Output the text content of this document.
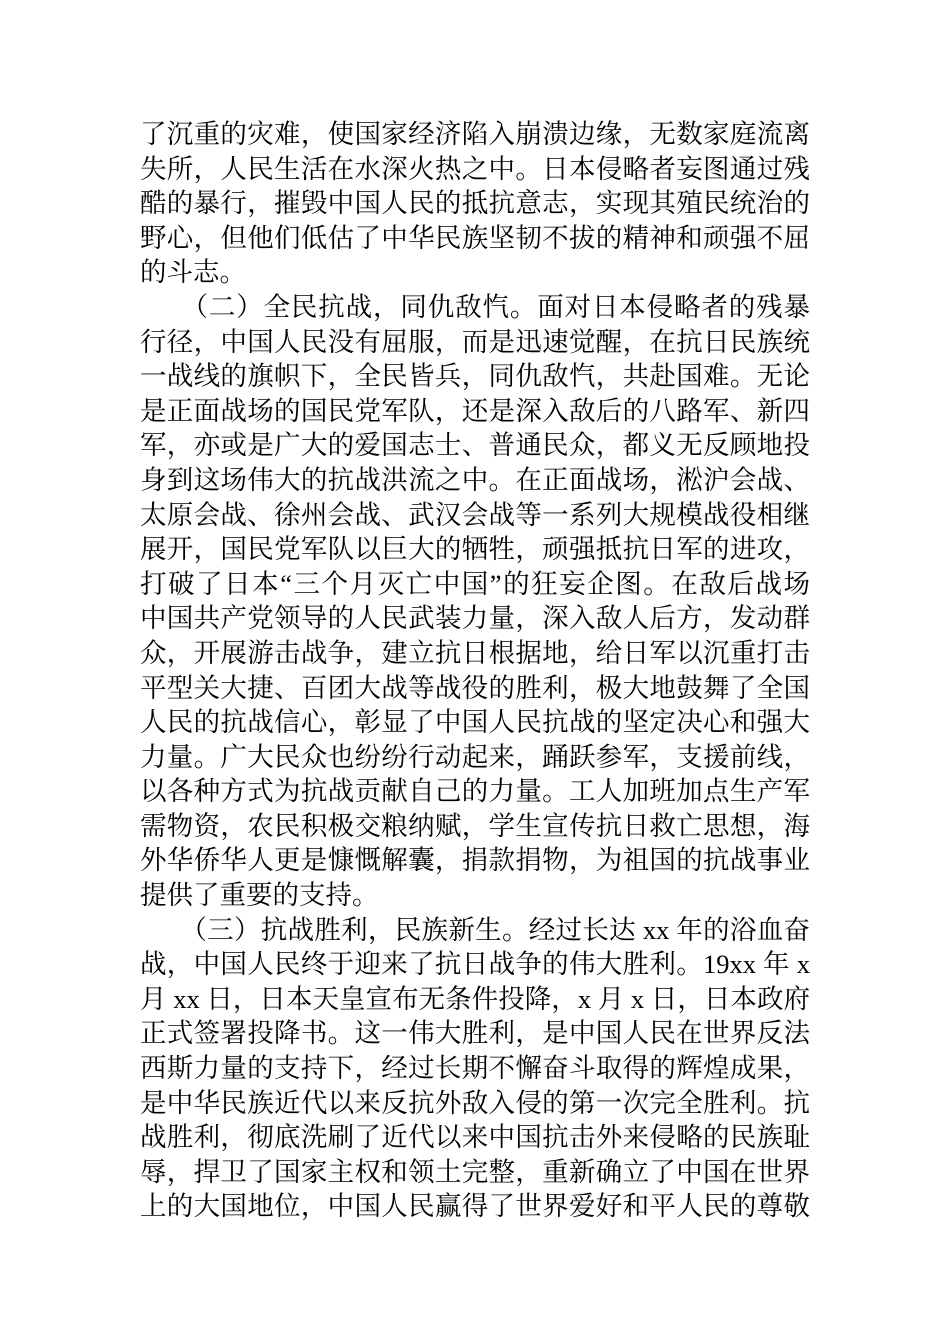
了沉重的灾难，使国家经济陷入崩溃边缘，无数家庭流离
失所，人民生活在水深火热之中。日本侵略者妄图通过残
酷的暴行，摧毁中国人民的抵抗意志，实现其殖民统治的
野心，但他们低估了中华民族坚韧不拔的精神和顽强不屈
的斗志。
　　（二）全民抗战，同仇敌忾。面对日本侵略者的残暴
行径，中国人民没有屈服，而是迅速觉醒，在抗日民族统
一战线的旗帜下，全民皆兵，同仇敌忾，共赴国难。无论
是正面战场的国民党军队，还是深入敌后的八路军、新四
军，亦或是广大的爱国志士、普通民众，都义无反顾地投
身到这场伟大的抗战洪流之中。在正面战场，淞沪会战、
太原会战、徐州会战、武汉会战等一系列大规模战役相继
展开，国民党军队以巨大的牺牲，顽强抵抗日军的进攻，
打破了日本“三个月灭亡中国”的狂妄企图。在敌后战场
中国共产党领导的人民武装力量，深入敌人后方，发动群
众，开展游击战争，建立抗日根据地，给日军以沉重打击
平型关大捷、百团大战等战役的胜利，极大地鼓舞了全国
人民的抗战信心，彰显了中国人民抗战的坚定决心和强大
力量。广大民众也纷纷行动起来，踊跃参军，支援前线，
以各种方式为抗战贡献自己的力量。工人加班加点生产军
需物资，农民积极交粮纳赋，学生宣传抗日救亡思想，海
外华侨华人更是慷慨解囊，捐款捐物，为祖国的抗战事业
提供了重要的支持。
　　（三）抗战胜利，民族新生。经过长达 xx 年的浴血奋
战，中国人民终于迎来了抗日战争的伟大胜利。19xx 年 x
月 xx 日，日本天皇宣布无条件投降，x 月 x 日，日本政府
正式签署投降书。这一伟大胜利，是中国人民在世界反法
西斯力量的支持下，经过长期不懈奋斗取得的辉煌成果，
是中华民族近代以来反抗外敌入侵的第一次完全胜利。抗
战胜利，彻底洗刷了近代以来中国抗击外来侵略的民族耻
辱，捍卫了国家主权和领土完整，重新确立了中国在世界
上的大国地位，中国人民赢得了世界爱好和平人民的尊敬
